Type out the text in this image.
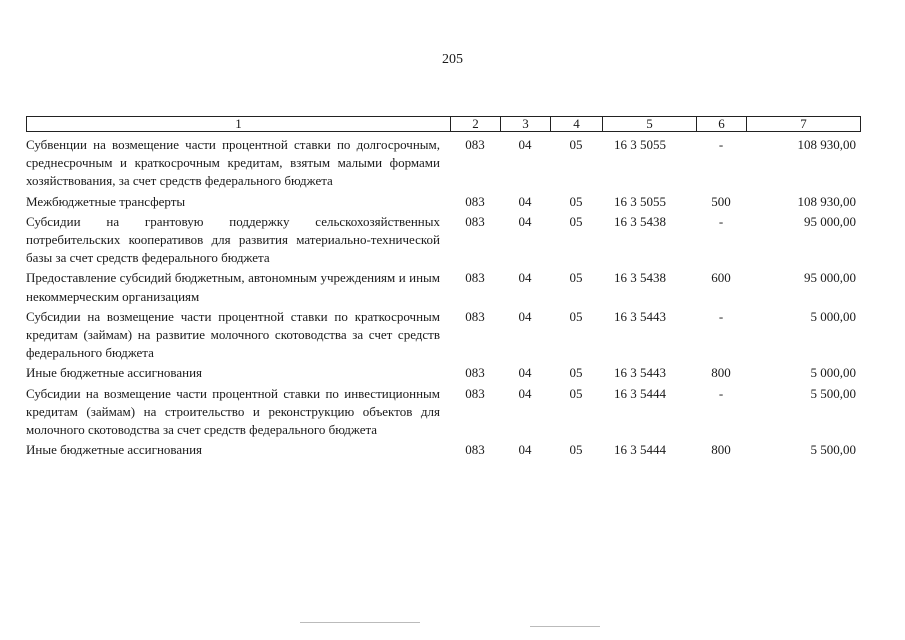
205
1	2	3	4	5	6	7
Субвенции на возмещение части процентной ставки по долгосрочным, среднесрочным и краткосрочным кредитам, взятым малыми формами хозяйствования, за счет средств федерального бюджета	083	04	05	16 3 5055	-	108 930,00

Межбюджетные трансферты	083	04	05	16 3 5055	500	108 930,00

Субсидии на грантовую поддержку сельскохозяйственных потребительских кооперативов для развития материально-технической базы за счет средств федерального бюджета	083	04	05	16 3 5438	-	95 000,00

Предоставление субсидий бюджетным, автономным учреждениям и иным некоммерческим организациям	083	04	05	16 3 5438	600	95 000,00

Субсидии на возмещение части процентной ставки по краткосрочным кредитам (займам) на развитие молочного скотоводства за счет средств федерального бюджета	083	04	05	16 3 5443	-	5 000,00

Иные бюджетные ассигнования	083	04	05	16 3 5443	800	5 000,00

Субсидии на возмещение части процентной ставки по инвестиционным кредитам (займам) на строительство и реконструкцию объектов для молочного скотоводства за счет средств федерального бюджета	083	04	05	16 3 5444	-	5 500,00

Иные бюджетные ассигнования	083	04	05	16 3 5444	800	5 500,00
